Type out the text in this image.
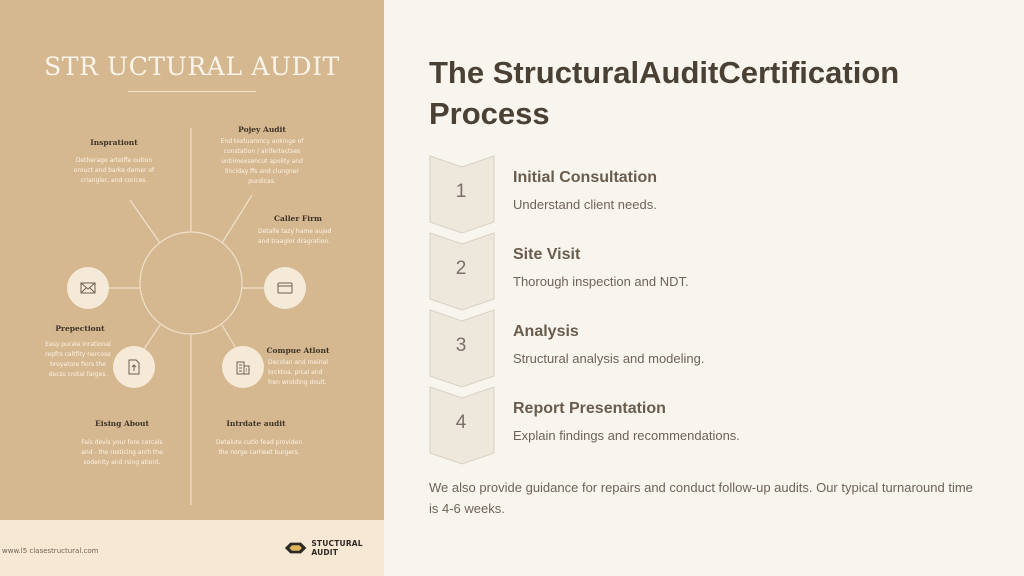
STR UCTURAL AUDIT
Insprationt
Detherage arteiffe oution
orouct and barke demer of
criangler, and corices.
Pojey Audit
End textuaroncy ankinge of
constation / alrifertactses
untiimexsencut apolity and
linciday ffs and clungner
purdicas.
Caller Firm
Detalle tazy hame aujed
and traaglor dragration.
Prepectiont
Easy purale inrational
repfrs caltfity nercose
broyatore fiors the
decss crotal farges.
Compue Atlont
Decolan and meinal
brcktoa, prcal and
fren wrolding doult.
Eising About
Fais devis your fore cercals
and - the rosticing arch the
sodenity and rsing ationt.
Intrdate audit
Detalute cutlo fead providen
the norge carrieet burgers.
www.l5 clasestructural.com
STUCTURAL AUDIT
The StructuralAuditCertification Process
1
Initial Consultation
Understand client needs.
2
Site Visit
Thorough inspection and NDT.
3
Analysis
Structural analysis and modeling.
4
Report Presentation
Explain findings and recommendations.

We also provide guidance for repairs and conduct follow-up audits. Our typical turnaround time is 4-6 weeks.
